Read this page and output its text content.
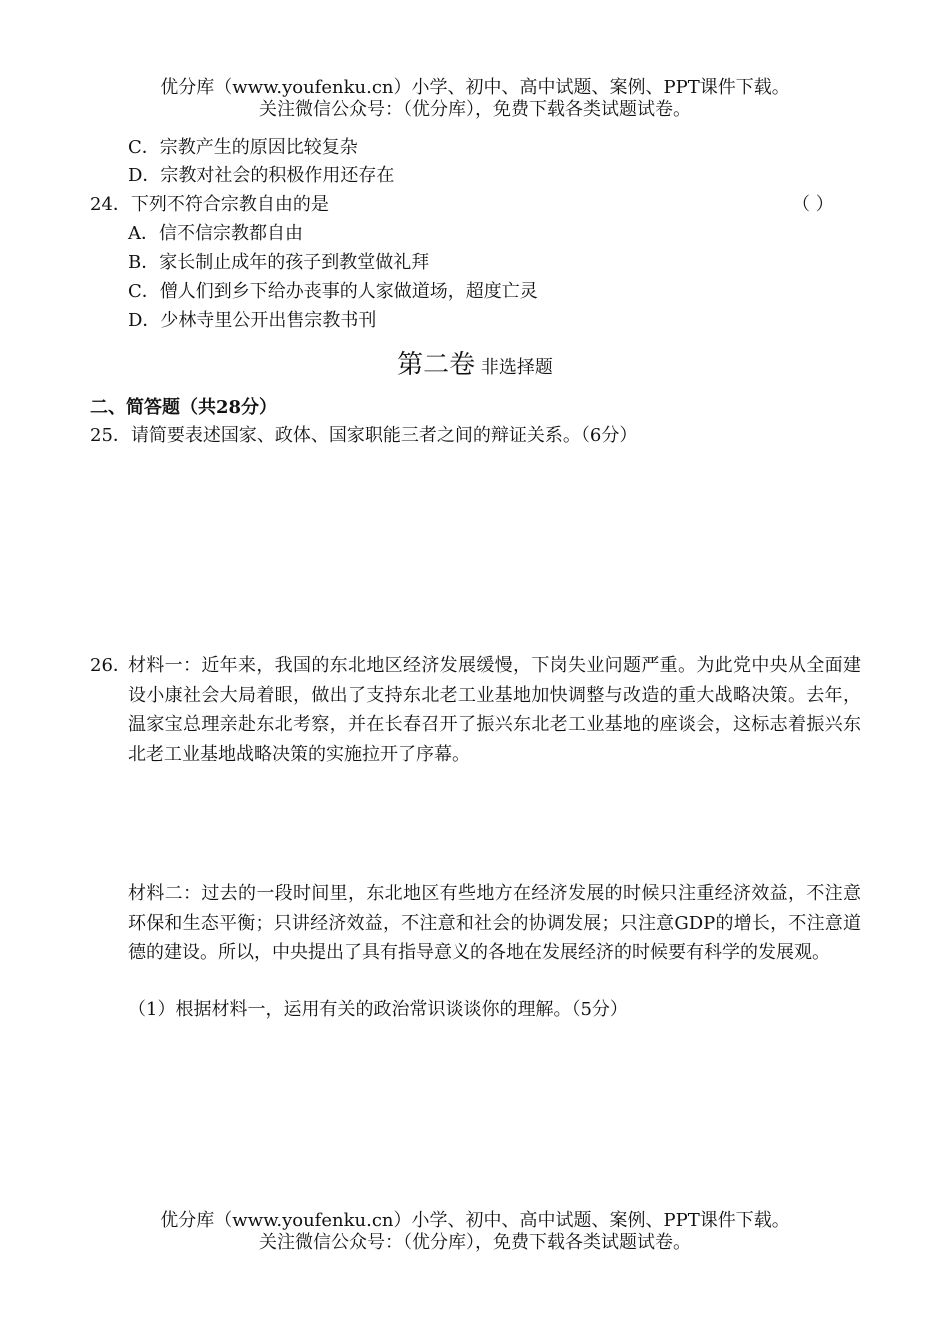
优分库（www.youfenku.cn）小学、初中、高中试题、案例、PPT课件下载。
关注微信公众号：（优分库），免费下载各类试题试卷。
C．宗教产生的原因比较复杂
D．宗教对社会的积极作用还存在
24．下列不符合宗教自由的是	（ ）
A．信不信宗教都自由
B．家长制止成年的孩子到教堂做礼拜
C．僧人们到乡下给办丧事的人家做道场，超度亡灵
D．少林寺里公开出售宗教书刊
第二卷 非选择题
二、简答题（共28分）
25．请简要表述国家、政体、国家职能三者之间的辩证关系。（6分）
26．
材料一：近年来，我国的东北地区经济发展缓慢，下岗失业问题严重。为此党中央从全面建设小康社会大局着眼，做出了支持东北老工业基地加快调整与改造的重大战略决策。去年，温家宝总理亲赴东北考察，并在长春召开了振兴东北老工业基地的座谈会，这标志着振兴东北老工业基地战略决策的实施拉开了序幕。
材料二：过去的一段时间里，东北地区有些地方在经济发展的时候只注重经济效益，不注意环保和生态平衡；只讲经济效益，不注意和社会的协调发展；只注意GDP的增长，不注意道德的建设。所以，中央提出了具有指导意义的各地在发展经济的时候要有科学的发展观。
（1）根据材料一，运用有关的政治常识谈谈你的理解。（5分）
优分库（www.youfenku.cn）小学、初中、高中试题、案例、PPT课件下载。
关注微信公众号：（优分库），免费下载各类试题试卷。
